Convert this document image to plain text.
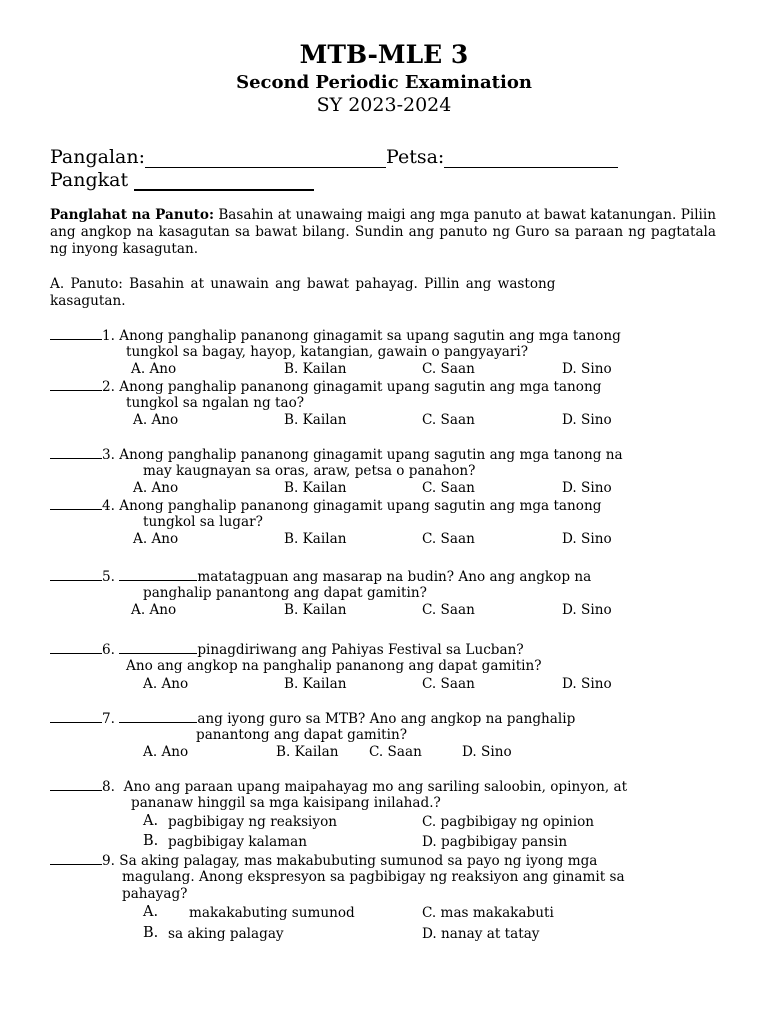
MTB-MLE 3
Second Periodic Examination
SY 2023-2024
Pangalan:	Petsa:
Pangkat
Panglahat na Panuto: Basahin at unawaing maigi ang mga panuto at bawat katanungan. Piliin ang angkop na kasagutan sa bawat bilang. Sundin ang panuto ng Guro sa paraan ng pagtatala ng inyong kasagutan.
A. Panuto: Basahin at unawain ang bawat pahayag. Pillin ang wastong
kasagutan.
1. Anong panghalip pananong ginagamit sa upang sagutin ang mga tanong
tungkol sa bagay, hayop, katangian, gawain o pangyayari?
A. Ano	B. Kailan	C. Saan	D. Sino
2. Anong panghalip pananong ginagamit upang sagutin ang mga tanong
tungkol sa ngalan ng tao?
A. Ano	B. Kailan	C. Saan	D. Sino
3. Anong panghalip pananong ginagamit upang sagutin ang mga tanong na
may kaugnayan sa oras, araw, petsa o panahon?
A. Ano	B. Kailan	C. Saan	D. Sino
4. Anong panghalip pananong ginagamit upang sagutin ang mga tanong
tungkol sa lugar?
A. Ano	B. Kailan	C. Saan	D. Sino
5.	matatagpuan ang masarap na budin? Ano ang angkop na
panghalip panantong ang dapat gamitin?
A. Ano	B. Kailan	C. Saan	D. Sino
6.	pinagdiriwang ang Pahiyas Festival sa Lucban?
Ano ang angkop na panghalip pananong ang dapat gamitin?
A. Ano	B. Kailan	C. Saan	D. Sino
7.	ang iyong guro sa MTB? Ano ang angkop na panghalip
panantong ang dapat gamitin?
A. Ano	B. Kailan C. Saan	D. Sino
8.  Ano ang paraan upang maipahayag mo ang sariling saloobin, opinyon, at
pananaw hinggil sa mga kaisipang inilahad.?
A. pagbibigay ng reaksiyon	C. pagbibigay ng opinion
B. pagbibigay kalaman	D. pagbibigay pansin
9. Sa aking palagay, mas makabubuting sumunod sa payo ng iyong mga
magulang. Anong ekspresyon sa pagbibigay ng reaksiyon ang ginamit sa
pahayag?
A. makakabuting sumunod	C. mas makakabuti
B. sa aking palagay	D. nanay at tatay
